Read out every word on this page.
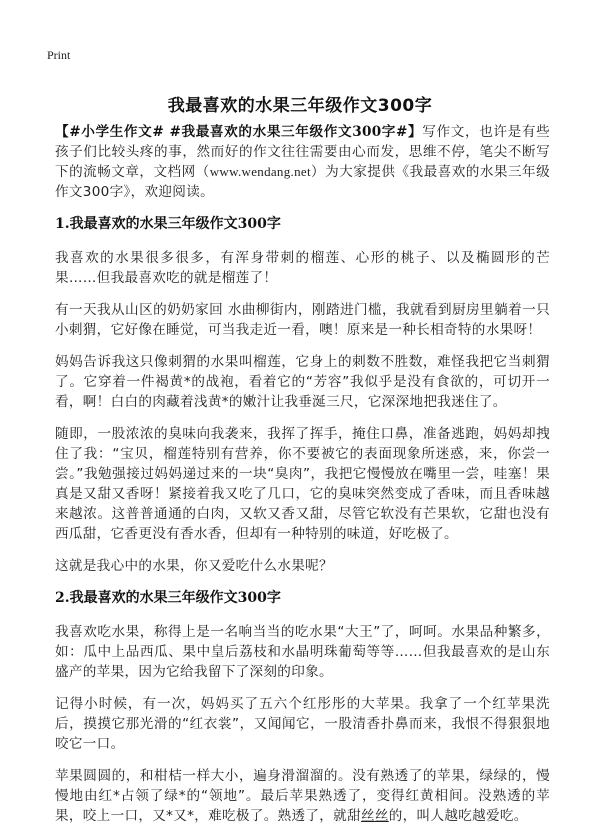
Print
我最喜欢的水果三年级作文300字

【#小学生作文# #我最喜欢的水果三年级作文300字#】写作文，也许是有些孩子们比较头疼的事，然而好的作文往往需要由心而发，思维不停，笔尖不断写下的流畅文章，文档网（www.wendang.net）为大家提供《我最喜欢的水果三年级作文300字》，欢迎阅读。

1.我最喜欢的水果三年级作文300字

我喜欢的水果很多很多，有浑身带刺的榴莲、心形的桃子、以及椭圆形的芒果……但我最喜欢吃的就是榴莲了！

有一天我从山区的奶奶家回 水曲柳街内，刚踏进门槛，我就看到厨房里躺着一只小刺猬，它好像在睡觉，可当我走近一看，噢！原来是一种长相奇特的水果呀！

妈妈告诉我这只像刺猬的水果叫榴莲，它身上的刺数不胜数，难怪我把它当刺猬了。它穿着一件褐黄*的战袍，看着它的“芳容”我似乎是没有食欲的，可切开一看，啊！白白的肉藏着浅黄*的嫩汁让我垂涎三尺，它深深地把我迷住了。

随即，一股浓浓的臭味向我袭来，我挥了挥手，掩住口鼻，准备逃跑，妈妈却拽住了我：“宝贝，榴莲特别有营养，你不要被它的表面现象所迷惑，来，你尝一尝。”我勉强接过妈妈递过来的一块“臭肉”，我把它慢慢放在嘴里一尝，哇塞！果真是又甜又香呀！紧接着我又吃了几口，它的臭味突然变成了香味，而且香味越来越浓。这普普通通的白肉，又软又香又甜，尽管它软没有芒果软，它甜也没有西瓜甜，它香更没有香水香，但却有一种特别的味道，好吃极了。

这就是我心中的水果，你又爱吃什么水果呢？

2.我最喜欢的水果三年级作文300字

我喜欢吃水果，称得上是一名响当当的吃水果“大王”了，呵呵。水果品种繁多，如：瓜中上品西瓜、果中皇后荔枝和水晶明珠葡萄等等……但我最喜欢的是山东盛产的苹果，因为它给我留下了深刻的印象。

记得小时候，有一次，妈妈买了五六个红彤彤的大苹果。我拿了一个红苹果洗后，摸摸它那光滑的“红衣裳”，又闻闻它，一股清香扑鼻而来，我恨不得狠狠地咬它一口。

苹果圆圆的，和柑桔一样大小，遍身滑溜溜的。没有熟透了的苹果，绿绿的，慢慢地由红*占领了绿*的“领地”。最后苹果熟透了，变得红黄相间。没熟透的苹果，咬上一口，又*又*，难吃极了。熟透了，就甜丝丝的，叫人越吃越爱吃。
